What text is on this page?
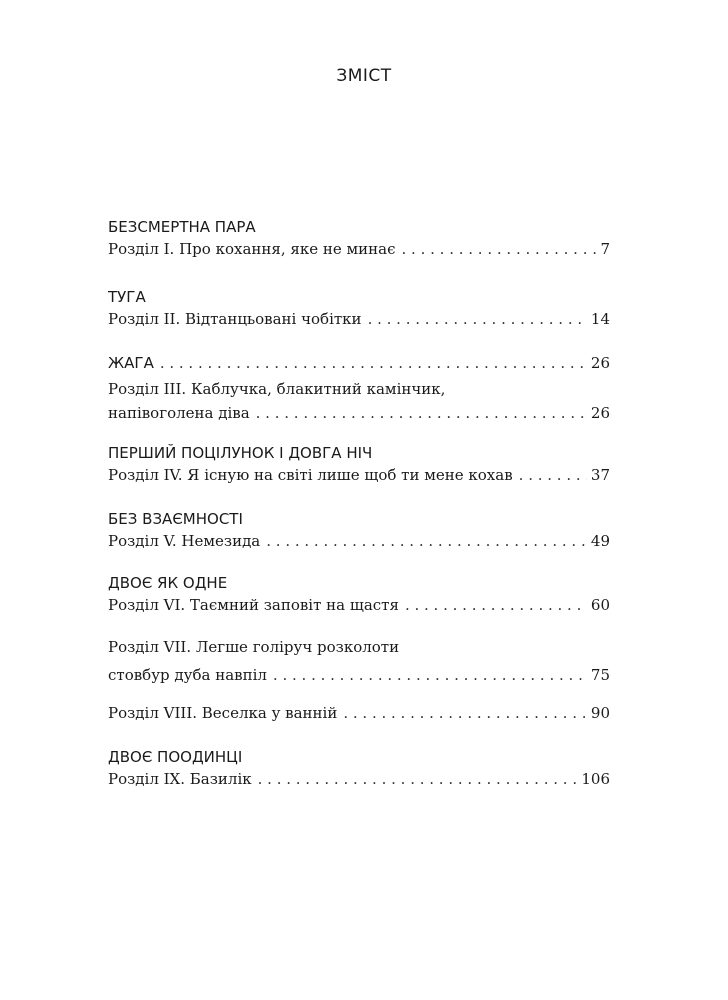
ЗМІСТ
БЕЗСМЕРТНА ПАРА
Розділ I. Про кохання, яке не минає . . .	7
ТУГА
Розділ II. Відтанцьовані чобітки . . .	14
ЖАГА . . .	26
Розділ III. Каблучка, блакитний камінчик,
напівоголена діва . . .	26
ПЕРШИЙ ПОЦІЛУНОК І ДОВГА НІЧ
Розділ IV. Я існую на світі лише щоб ти мене кохав . . .	37
БЕЗ ВЗАЄМНОСТІ
Розділ V. Немезида . . .	49
ДВОЄ ЯК ОДНЕ
Розділ VI. Таємний заповіт на щастя . . .	60
Розділ VII. Легше голіруч розколоти
стовбур дуба навпіл . . .	75
Розділ VIII. Веселка у ванній . . .	90
ДВОЄ ПООДИНЦІ
Розділ IX. Базилік . . .	106
